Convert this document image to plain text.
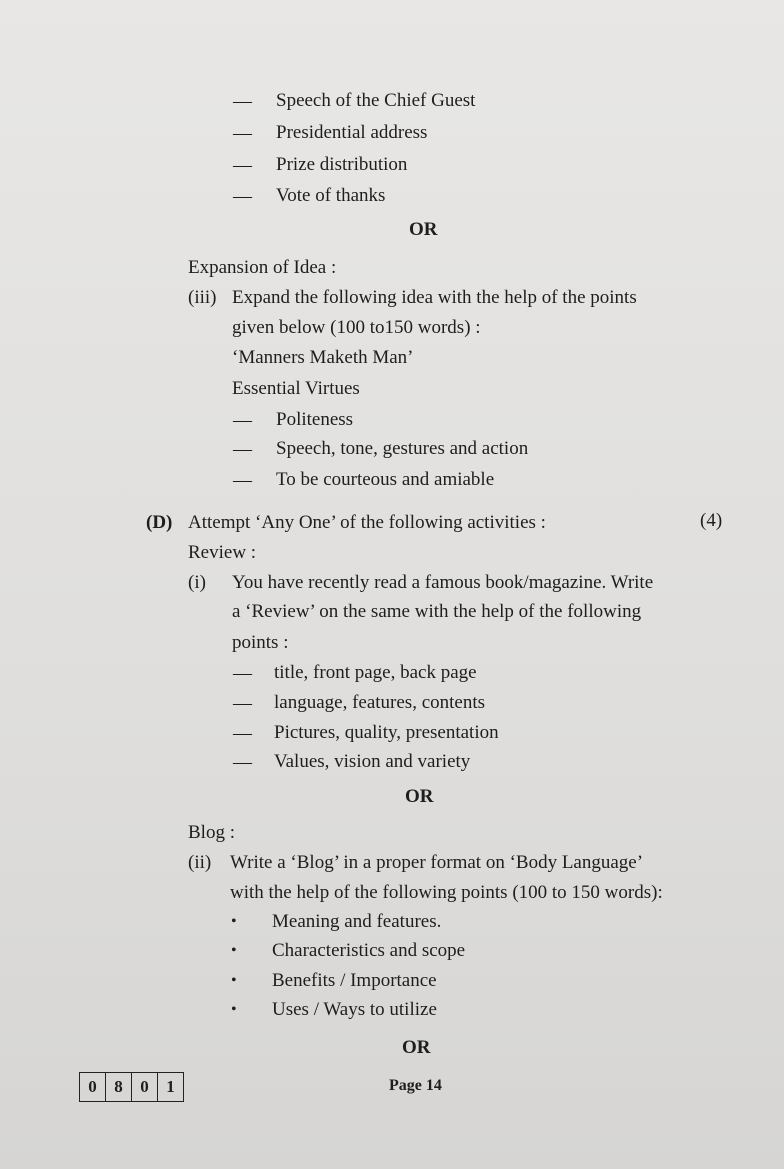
— Speech of the Chief Guest
— Presidential address
— Prize distribution
— Vote of thanks
OR
Expansion of Idea :
(iii) Expand the following idea with the help of the points
given below (100 to150 words) :
‘Manners Maketh Man’
Essential Virtues
— Politeness
— Speech, tone, gestures and action
— To be courteous and amiable
(D) Attempt ‘Any One’ of the following activities :	(4)
Review :
(i) You have recently read a famous book/magazine. Write
a ‘Review’ on the same with the help of the following
points :
— title, front page, back page
— language, features, contents
— Pictures, quality, presentation
— Values, vision and variety
OR
Blog :
(ii) Write a ‘Blog’ in a proper format on ‘Body Language’
with the help of the following points (100 to 150 words):
• Meaning and features.
• Characteristics and scope
• Benefits / Importance
• Uses / Ways to utilize
OR
0	8	0	1	Page 14
